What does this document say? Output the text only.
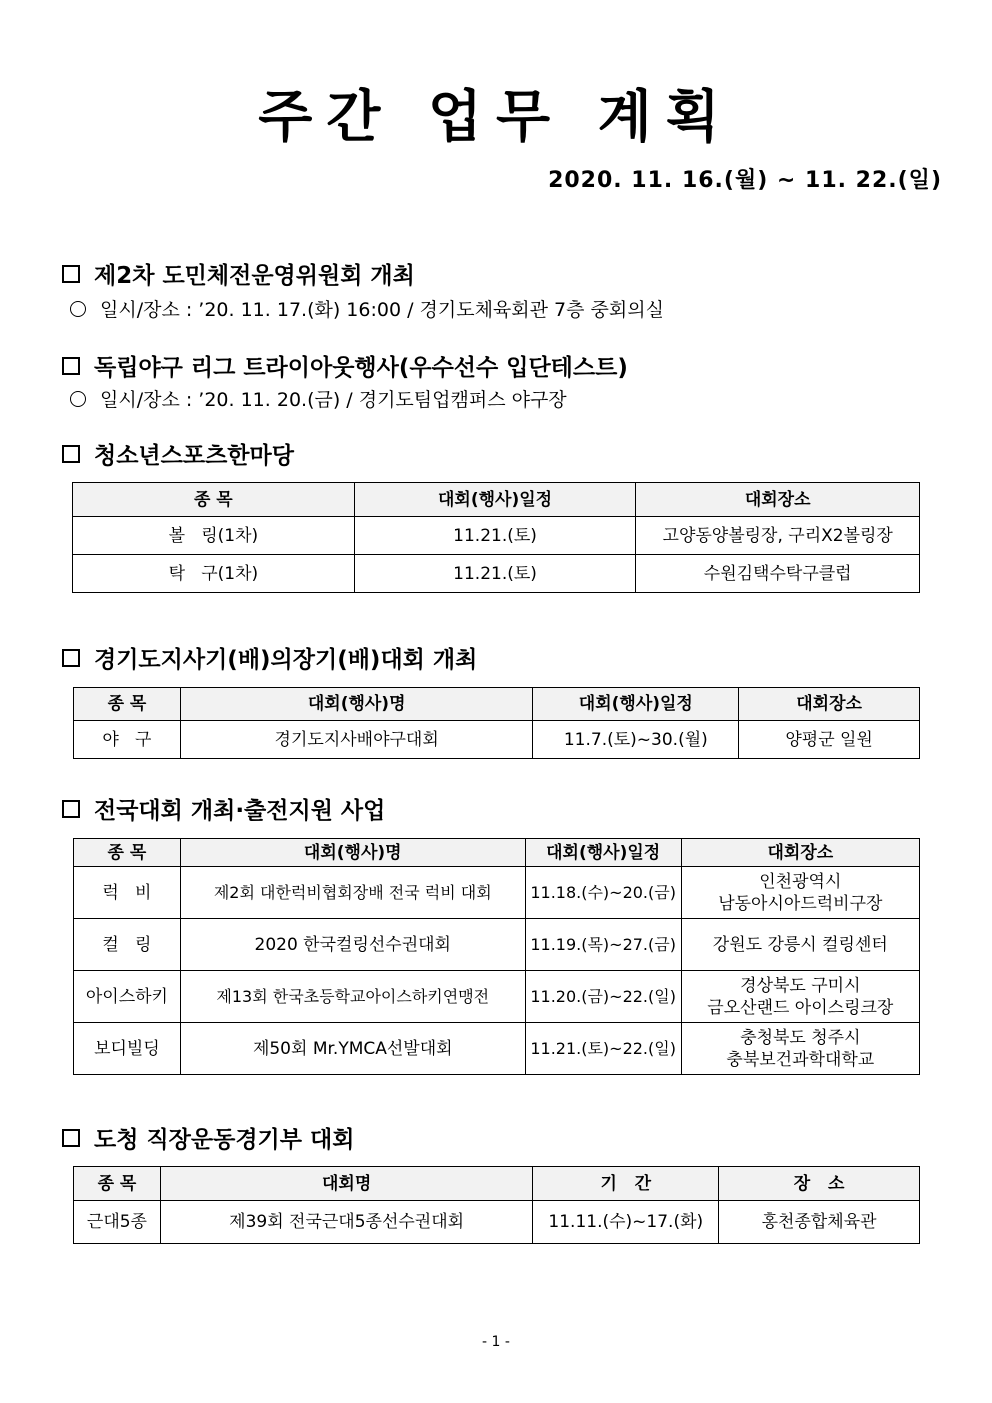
주간 업무 계획
2020. 11. 16.(월) ~ 11. 22.(일)
제2차 도민체전운영위원회 개최
일시/장소 : ’20. 11. 17.(화) 16:00 / 경기도체육회관 7층 중회의실
독립야구 리그 트라이아웃행사(우수선수 입단테스트)
일시/장소 : ’20. 11. 20.(금) / 경기도팀업캠퍼스 야구장
청소년스포츠한마당
종 목	대회(행사)일정	대회장소
볼   링(1차)	11.21.(토)	고양동양볼링장, 구리X2볼링장
탁   구(1차)	11.21.(토)	수원김택수탁구클럽
경기도지사기(배)의장기(배)대회 개최
종 목	대회(행사)명	대회(행사)일정	대회장소
야   구	경기도지사배야구대회	11.7.(토)~30.(월)	양평군 일원
전국대회 개최·출전지원 사업
종 목	대회(행사)명	대회(행사)일정	대회장소
럭   비	제2회 대한럭비협회장배 전국 럭비 대회	11.18.(수)~20.(금)	인천광역시
남동아시아드럭비구장

컬   링	2020 한국컬링선수권대회	11.19.(목)~27.(금)	강원도 강릉시 컬링센터

아이스하키	제13회 한국초등학교아이스하키연맹전	11.20.(금)~22.(일)	경상북도 구미시
금오산랜드 아이스링크장

보디빌딩	제50회 Mr.YMCA선발대회	11.21.(토)~22.(일)	충청북도 청주시
충북보건과학대학교
도청 직장운동경기부 대회
종 목	대회명	기   간	장   소
근대5종	제39회 전국근대5종선수권대회	11.11.(수)~17.(화)	홍천종합체육관
- 1 -
